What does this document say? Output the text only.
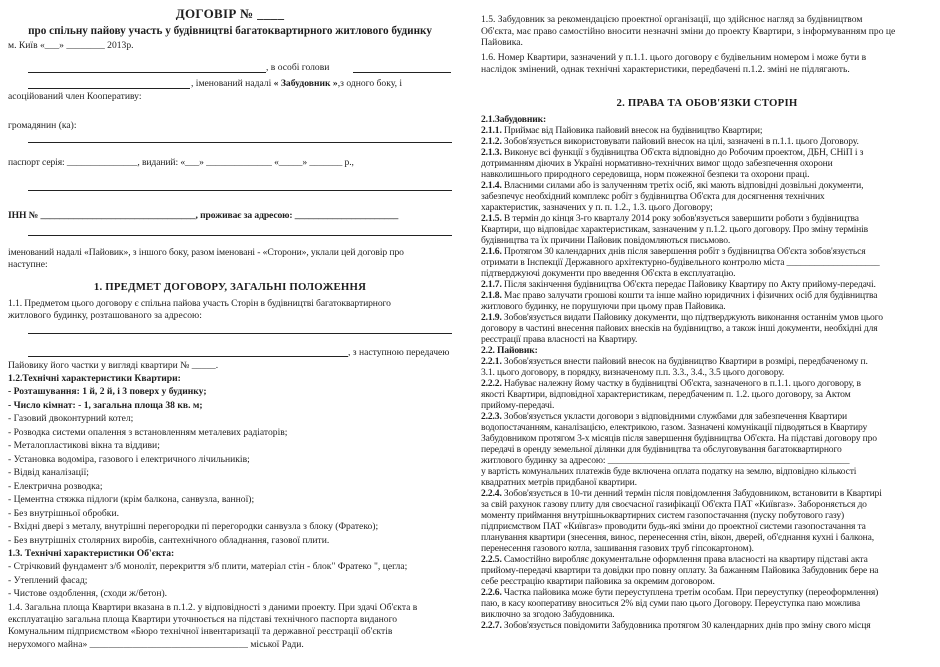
ДОГОВІР № ____
про спільну пайову участь у будівництві багатоквартирного житлового будинку
м. Київ «___» ________ 2013р.
, в особі голови
, іменований надалі « Забудовник »,з одного боку, і
асоційований член Кооперативу:
громадянин (ка):
паспорт серія: _______________, виданий: «___» ______________ «_____» _______ р.,
ІНН № _________________________________, проживає за адресою: ______________________
іменований надалі «Пайовик», з іншого боку, разом іменовані - «Сторони», уклали цей договір про
наступне:
1. ПРЕДМЕТ ДОГОВОРУ, ЗАГАЛЬНІ ПОЛОЖЕННЯ
1.1. Предметом цього договору є спільна пайова участь Сторін в будівництві багатоквартирного
житлового будинку, розташованого за адресою:
, з наступною передачею
Пайовику його частки у вигляді квартири № _____.
1.2.Технічні характеристики Квартири:
- Розташування: 1 й, 2 й, і 3 поверх у будинку;
- Число кімнат: - 1, загальна площа 38 кв. м;
- Газовий двоконтурний котел;
- Розводка системи опалення з встановленням металевих радіаторів;
- Металопластикові вікна та віддиви;
- Установка водоміра, газового і електричного лічильників;
- Відвід каналізації;
- Електрична розводка;
- Цементна стяжка підлоги (крім балкона, санвузла, ванної);
- Без внутрішньої обробки.
- Вхідні двері з металу, внутрішні перегородки пі перегородки санвузла з блоку (Фратеко);
- Без внутрішніх столярних виробів, сантехнічного обладнання, газової плити.
1.3. Технічні характеристики Об'єкта:
- Стрічковий фундамент з/б моноліт, перекриття з/б плити, матеріал стін - блок" Фратеко ", цегла;
- Утеплений фасад;
- Чистове оздоблення, (сходи ж/бетон).
1.4. Загальна площа Квартири вказана в п.1.2. у відповідності з даними проекту. При здачі Об'єкта в
експлуатацію загальна площа Квартири уточнюється на підставі технічного паспорта виданого
Комунальним підприємством «Бюро технічної інвентаризації та державної реєстрації об'єктів
нерухомого майна» _________________________________ міської Ради.
1.5. Забудовник за рекомендацією проектної організації, що здійснює нагляд за будівництвом
Об'єкта, має право самостійно вносити незначні зміни до проекту Квартири, з інформуванням про це
Пайовика.
1.6. Номер Квартири, зазначений у п.1.1. цього договору є будівельним номером і може бути в
наслідок змінений, однак технічні характеристики, передбачені п.1.2. зміні не підлягають.
2. ПРАВА ТА ОБОВ'ЯЗКИ СТОРІН
2.1.Забудовник:
2.1.1. Приймає від Пайовика пайовий внесок на будівництво Квартири;
2.1.2. Зобов'язується використовувати пайовий внесок на цілі, зазначені в п.1.1. цього Договору.
2.1.3. Виконує всі функції з будівництва Об'єкта відповідно до Робочим проектом, ДБН, СНіП і з
дотриманням діючих в Україні нормативно-технічних вимог щодо забезпечення охорони
навколишнього природного середовища, норм пожежної безпеки та охорони праці.
2.1.4. Власними силами або із залученням третіх осіб, які мають відповідні дозвільні документи,
забезпечує необхідний комплекс робіт з будівництва Об'єкта для досягнення технічних
характеристик, зазначених у п. п. 1.2., 1.3. цього Договору;
2.1.5. В термін до кінця 3-го кварталу 2014 року зобов'язується завершити роботи з будівництва
Квартири, що відповідає характеристикам, зазначеним у п.1.2. цього договору. Про зміну термінів
будівництва та їх причини Пайовик повідомляються письмово.
2.1.6. Протягом 30 календарних днів після завершення робіт з будівництва Об'єкта зобов'язується
отримати в Інспекції Державного архітектурно-будівельного контролю міста ____________________
підтверджуючі документи про введення Об'єкта в експлуатацію.
2.1.7. Після закінчення будівництва Об'єкта передає Пайовику Квартиру по Акту прийому-передачі.
2.1.8. Має право залучати грошові кошти та інше майно юридичних і фізичних осіб для будівництва
житлового будинку, не порушуючи при цьому прав Пайовика.
2.1.9. Зобов'язується видати Пайовику документи, що підтверджують виконання останнім умов цього
договору в частині внесення пайових внесків на будівництво, а також інші документи, необхідні для
реєстрації права власності на Квартиру.
2.2. Пайовик:
2.2.1. Зобов'язується внести пайовий внесок на будівництво Квартири в розмірі, передбаченому п.
3.1. цього договору, в порядку, визначеному п.п. 3.3., 3.4., 3.5 цього договору.
2.2.2. Набуває належну йому частку в будівництві Об'єкта, зазначеного в п.1.1. цього договору, в
якості Квартири, відповідної характеристикам, передбаченим п. 1.2. цього договору, за Актом
прийому-передачі.
2.2.3. Зобов'язується укласти договори з відповідними службами для забезпечення Квартири
водопостачанням, каналізацією, електрикою, газом. Зазначені комунікації підводяться в Квартиру
Забудовником протягом 3-х місяців після завершення будівництва Об'єкта. На підставі договору про
передачі в оренду земельної ділянки для будівництва та обслуговування багатоквартирного
житлового будинку за адресою: ____________________________________________________
у вартість комунальних платежів буде включена оплата податку на землю, відповідно кількості
квадратних метрів придбаної квартири.
2.2.4. Зобов'язується в 10-ти денний термін після повідомлення Забудовником, встановити в Квартирі
за свій рахунок газову плиту для своєчасної газифікації Об'єкта ПАТ «Київгаз». Забороняється до
моменту приймання внутрішньоквартирних систем газопостачання (пуску побутового газу)
підприємством ПАТ «Київгаз» проводити будь-які зміни до проектної системи газопостачання та
планування квартири (знесення, винос, перенесення стін, вікон, дверей, об'єднання кухні і балкона,
перенесення газового котла, зашивання газових труб гіпсокартоном).
2.2.5. Самостійно виробляє документальне оформлення права власності на квартиру підставі акта
прийому-передачі квартири та довідки про повну оплату. За бажанням Пайовика Забудовник бере на
себе реєстрацію квартири пайовика за окремим договором.
2.2.6. Частка пайовика може бути переуступлена третім особам. При переуступку (переоформлення)
паю, в касу кооперативу вноситься 2% від суми паю цього Договору. Переуступка паю можлива
виключно за згодою Забудовника.
2.2.7. Зобов'язується повідомити Забудовника протягом 30 календарних днів про зміну свого місця
